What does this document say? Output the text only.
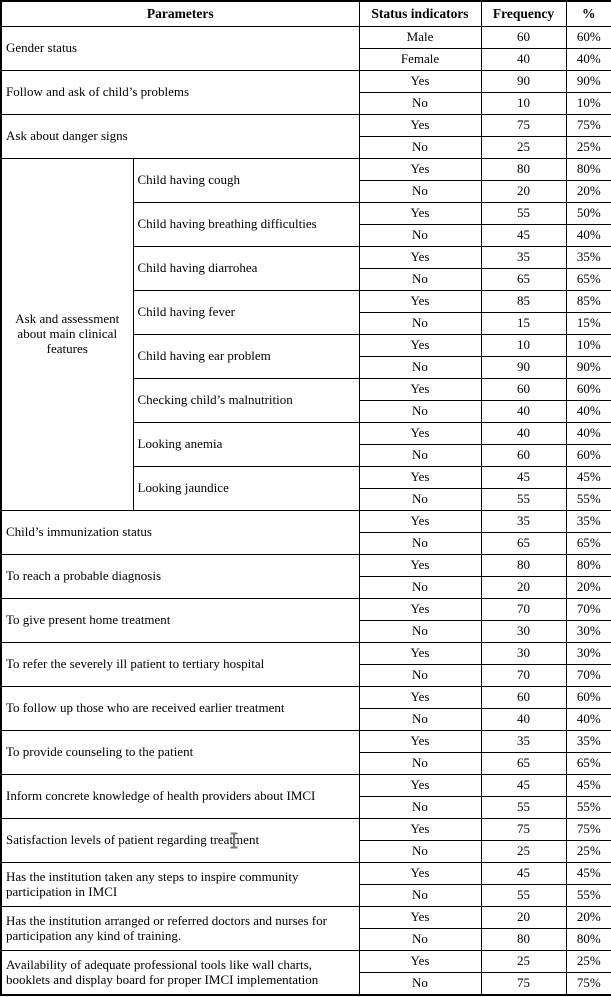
Parameters		Status indicators	Frequency	%
Gender status		Male	60	60%
		Female	40	40%
Follow and ask of child’s problems		Yes	90	90%
		No	10	10%
Ask about danger signs		Yes	75	75%
		No	25	25%
Ask and assessment about main clinical features	Child having cough	Yes	80	80%
		No	20	20%
	Child having breathing difficulties	Yes	55	50%
		No	45	40%
	Child having diarrohea	Yes	35	35%
		No	65	65%
	Child having fever	Yes	85	85%
		No	15	15%
	Child having ear problem	Yes	10	10%
		No	90	90%
	Checking child’s malnutrition	Yes	60	60%
		No	40	40%
	Looking anemia	Yes	40	40%
		No	60	60%
	Looking jaundice	Yes	45	45%
		No	55	55%
Child’s immunization status		Yes	35	35%
		No	65	65%
To reach a probable diagnosis		Yes	80	80%
		No	20	20%
To give present home treatment		Yes	70	70%
		No	30	30%
To refer the severely ill patient to tertiary hospital		Yes	30	30%
		No	70	70%
To follow up those who are received earlier treatment		Yes	60	60%
		No	40	40%
To provide counseling to the patient		Yes	35	35%
		No	65	65%
Inform concrete knowledge of health providers about IMCI		Yes	45	45%
		No	55	55%
Satisfaction levels of patient regarding treatment		Yes	75	75%
		No	25	25%
Has the institution taken any steps to inspire community participation in IMCI		Yes	45	45%
		No	55	55%
Has the institution arranged or referred doctors and nurses for participation any kind of training.		Yes	20	20%
		No	80	80%
Availability of adequate professional tools like wall charts, booklets and display board for proper IMCI implementation		Yes	25	25%
		No	75	75%
